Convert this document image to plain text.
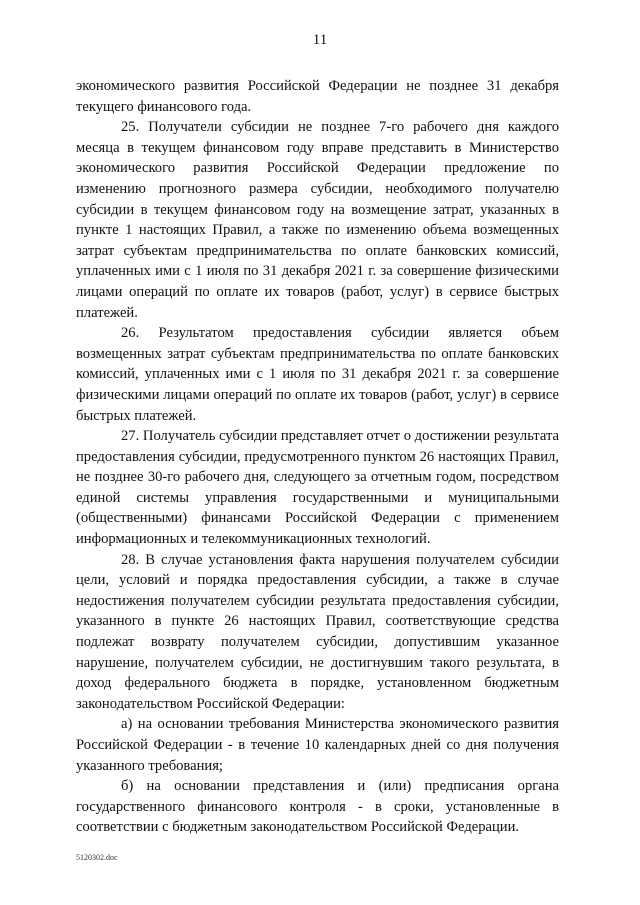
11

экономического развития Российской Федерации не позднее 31 декабря текущего финансового года.

25. Получатели субсидии не позднее 7-го рабочего дня каждого месяца в текущем финансовом году вправе представить в Министерство экономического развития Российской Федерации предложение по изменению прогнозного размера субсидии, необходимого получателю субсидии в текущем финансовом году на возмещение затрат, указанных в пункте 1 настоящих Правил, а также по изменению объема возмещенных затрат субъектам предпринимательства по оплате банковских комиссий, уплаченных ими с 1 июля по 31 декабря 2021 г. за совершение физическими лицами операций по оплате их товаров (работ, услуг) в сервисе быстрых платежей.

26. Результатом предоставления субсидии является объем возмещенных затрат субъектам предпринимательства по оплате банковских комиссий, уплаченных ими с 1 июля по 31 декабря 2021 г. за совершение физическими лицами операций по оплате их товаров (работ, услуг) в сервисе быстрых платежей.

27. Получатель субсидии представляет отчет о достижении результата предоставления субсидии, предусмотренного пунктом 26 настоящих Правил, не позднее 30-го рабочего дня, следующего за отчетным годом, посредством единой системы управления государственными и муниципальными (общественными) финансами Российской Федерации с применением информационных и телекоммуникационных технологий.

28. В случае установления факта нарушения получателем субсидии цели, условий и порядка предоставления субсидии, а также в случае недостижения получателем субсидии результата предоставления субсидии, указанного в пункте 26 настоящих Правил, соответствующие средства подлежат возврату получателем субсидии, допустившим указанное нарушение, получателем субсидии, не достигнувшим такого результата, в доход федерального бюджета в порядке, установленном бюджетным законодательством Российской Федерации:

а) на основании требования Министерства экономического развития Российской Федерации - в течение 10 календарных дней со дня получения указанного требования;

б) на основании представления и (или) предписания органа государственного финансового контроля - в сроки, установленные в соответствии с бюджетным законодательством Российской Федерации.

5120302.doc
